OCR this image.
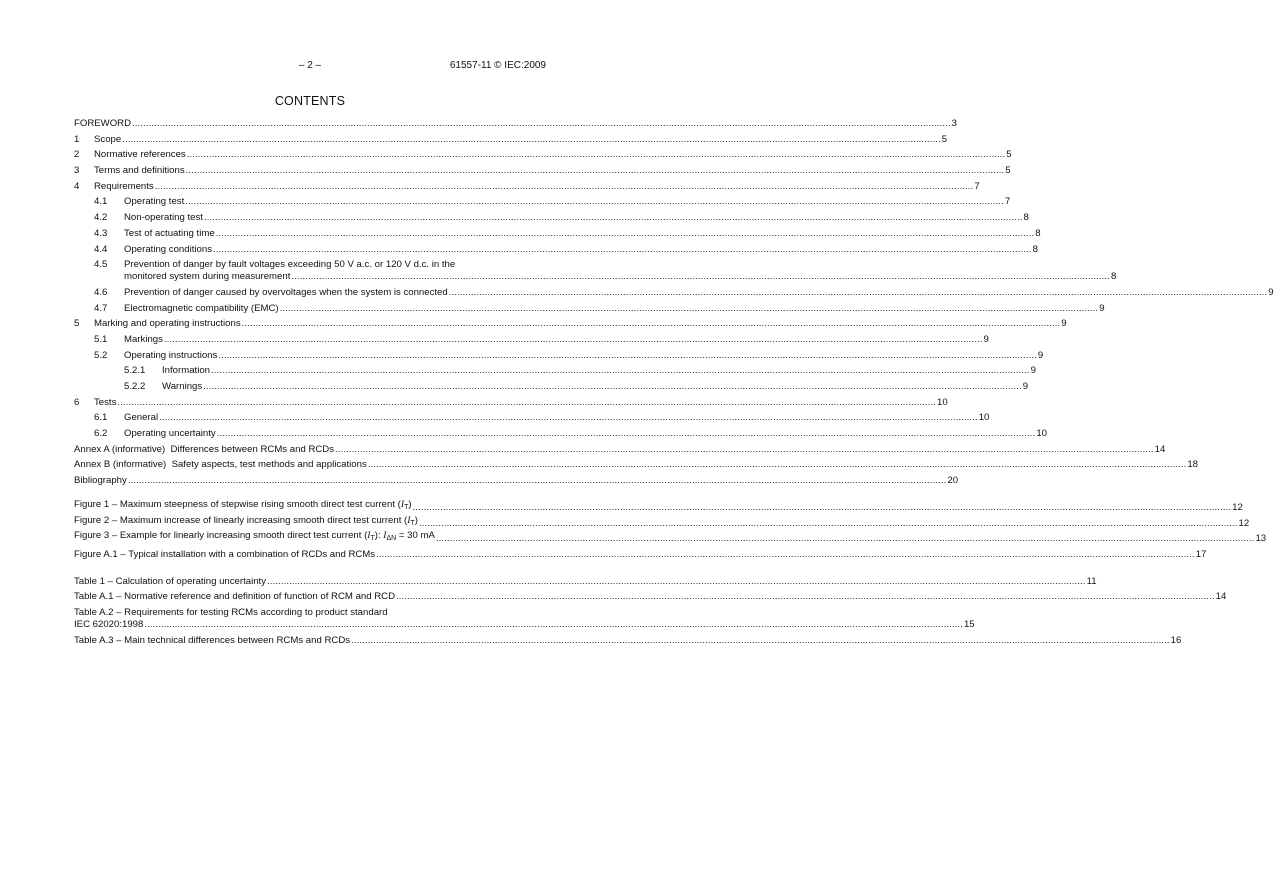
– 2 –	61557-11 © IEC:2009
CONTENTS
FOREWORD .....	3
1	Scope .....	5
2	Normative references .....	5
3	Terms and definitions .....	5
4	Requirements .....	7
4.1	Operating test .....	7
4.2	Non-operating test .....	8
4.3	Test of actuating time .....	8
4.4	Operating conditions .....	8
4.5	Prevention of danger by fault voltages exceeding 50 V a.c. or 120 V d.c. in the
monitored system during measurement .....	8
4.6	Prevention of danger caused by overvoltages when the system is connected .....	9
4.7	Electromagnetic compatibility (EMC) .....	9
5	Marking and operating instructions .....	9
5.1	Markings .....	9
5.2	Operating instructions .....	9
5.2.1	Information .....	9
5.2.2	Warnings .....	9
6	Tests .....	10
6.1	General .....	10
6.2	Operating uncertainty .....	10
Annex A (informative)  Differences between RCMs and RCDs .....	14
Annex B (informative)  Safety aspects, test methods and applications .....	18
Bibliography .....	20
Figure 1 – Maximum steepness of stepwise rising smooth direct test current $(I_T)$ .....	12
Figure 2 – Maximum increase of linearly increasing smooth direct test current $(I_T)$ .....	12
Figure 3 – Example for linearly increasing smooth direct test current $(I_T)$: $I_{\Delta N} = 30$ mA .....	13
Figure A.1 – Typical installation with a combination of RCDs and RCMs .....	17
Table 1 – Calculation of operating uncertainty .....	11
Table A.1 – Normative reference and definition of function of RCM and RCD .....	14
Table A.2 – Requirements for testing RCMs according to product standard
IEC 62020:1998 .....	15
Table A.3 – Main technical differences between RCMs and RCDs .....	16
